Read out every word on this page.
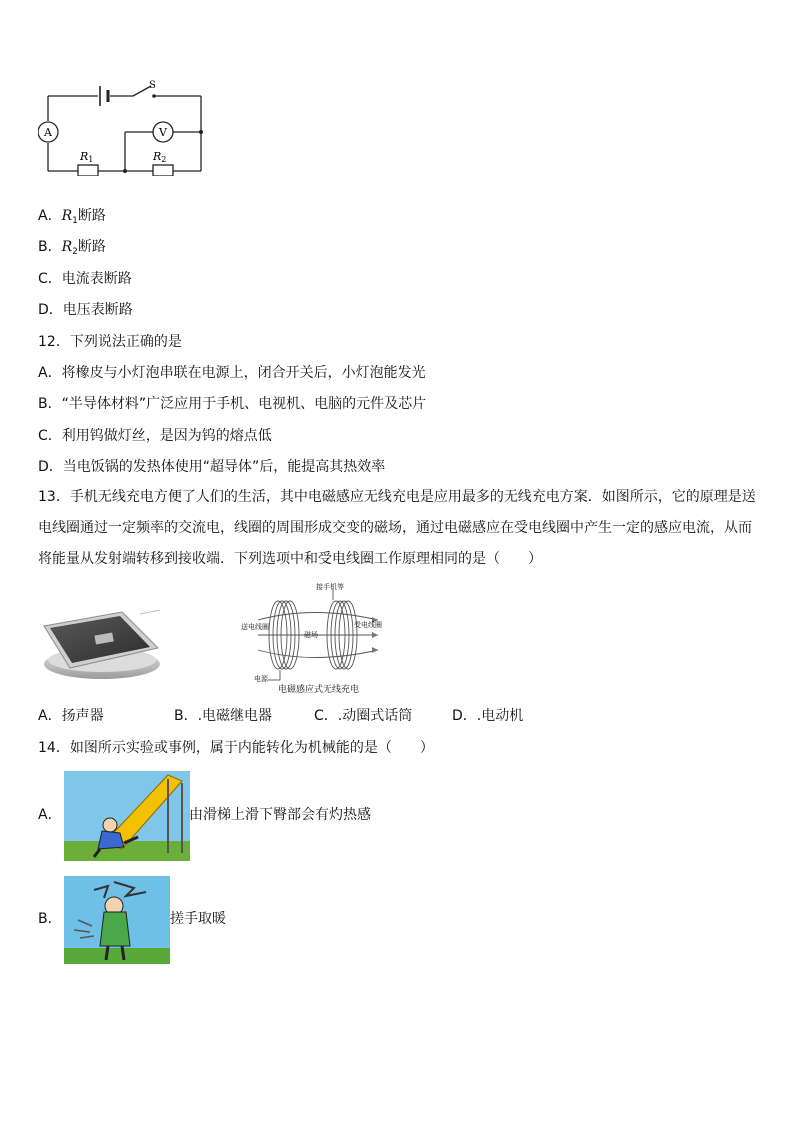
S
A	V
R1	R2
A．$R_1$断路
B．$R_2$断路
C．电流表断路
D．电压表断路
12．下列说法正确的是
A．将橡皮与小灯泡串联在电源上，闭合开关后，小灯泡能发光
B．“半导体材料”广泛应用于手机、电视机、电脑的元件及芯片
C．利用钨做灯丝，是因为钨的熔点低
D．当电饭锅的发热体使用“超导体”后，能提高其热效率
13．手机无线充电方便了人们的生活，其中电磁感应无线充电是应用最多的无线充电方案．如图所示，它的原理是送电线圈通过一定频率的交流电，线圈的周围形成交变的磁场，通过电磁感应在受电线圈中产生一定的感应电流，从而将能量从发射端转移到接收端．下列选项中和受电线圈工作原理相同的是（　　）
接手机等
送电线圈	受电线圈
磁场
电源
电磁感应式无线充电
A．扬声器	B．.电磁继电器	C．.动圈式话筒	D．.电动机
14．如图所示实验或事例，属于内能转化为机械能的是（　　）
A．	由滑梯上滑下臀部会有灼热感
B．	搓手取暖
